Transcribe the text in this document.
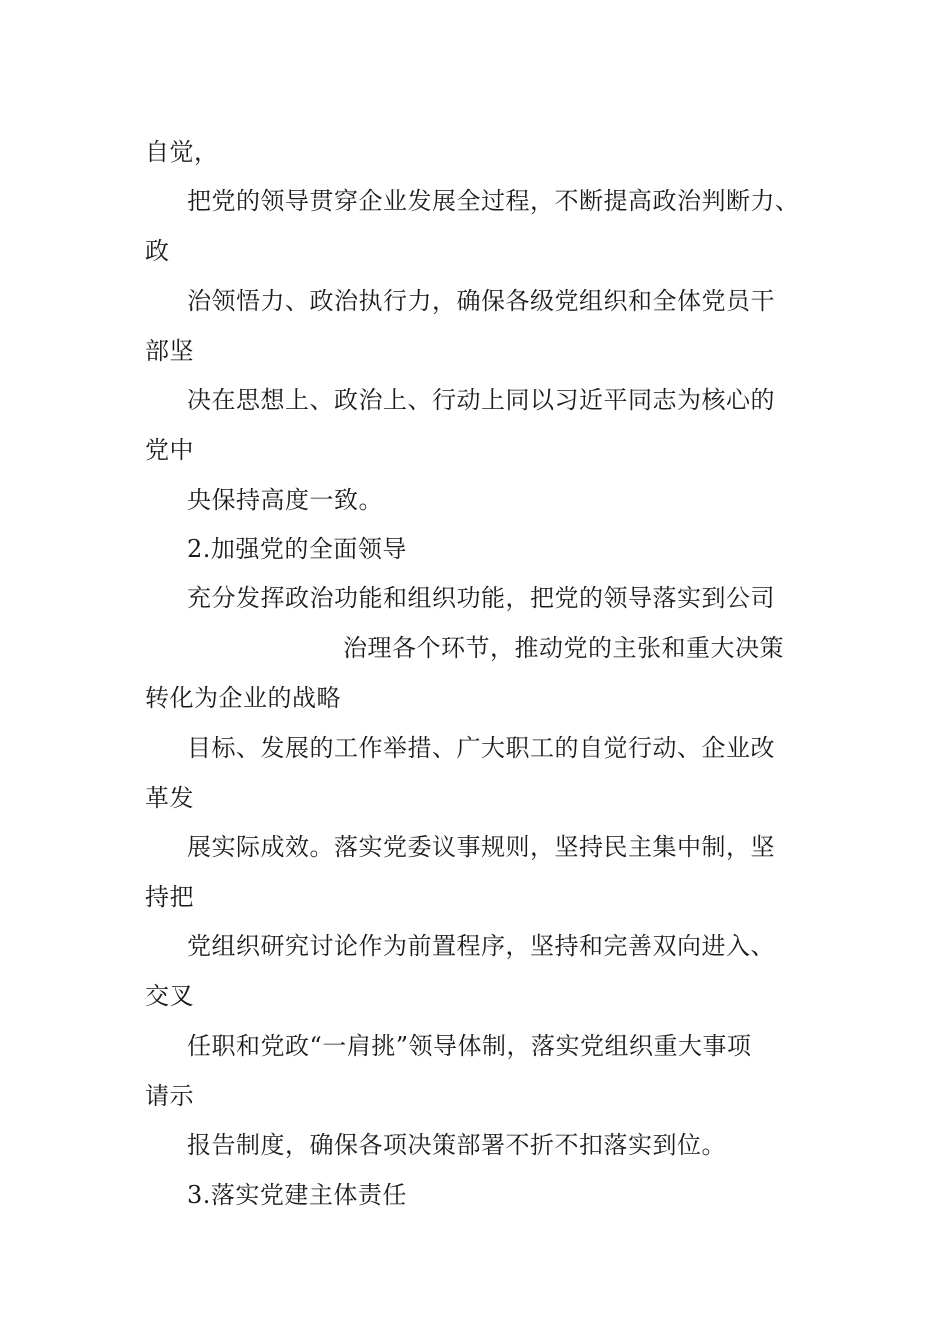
自觉，
把党的领导贯穿企业发展全过程，不断提高政治判断力、
政
治领悟力、政治执行力，确保各级党组织和全体党员干
部坚
决在思想上、政治上、行动上同以习近平同志为核心的
党中
央保持高度一致。
2.加强党的全面领导
充分发挥政治功能和组织功能，把党的领导落实到公司
治理各个环节，推动党的主张和重大决策
转化为企业的战略
目标、发展的工作举措、广大职工的自觉行动、企业改
革发
展实际成效。落实党委议事规则，坚持民主集中制，坚
持把
党组织研究讨论作为前置程序，坚持和完善双向进入、
交叉
任职和党政“一肩挑”领导体制，落实党组织重大事项
请示
报告制度，确保各项决策部署不折不扣落实到位。
3.落实党建主体责任
